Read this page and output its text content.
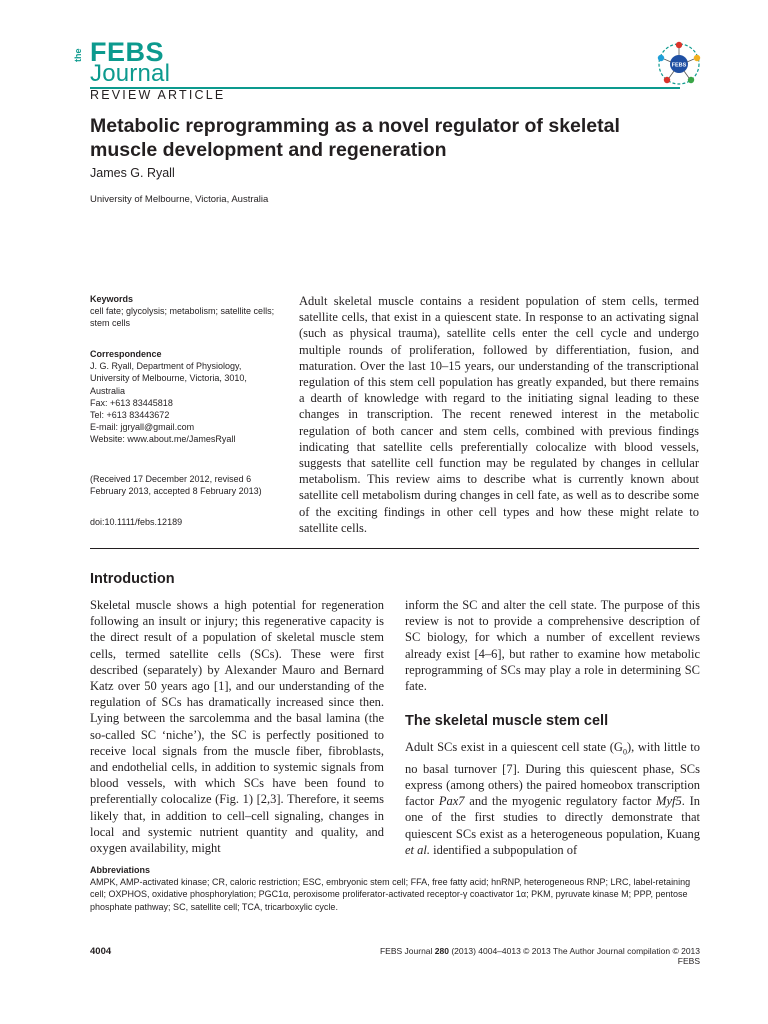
the FEBS
Journal	FEBS
REVIEW ARTICLE
Metabolic reprogramming as a novel regulator of skeletal muscle development and regeneration
James G. Ryall
University of Melbourne, Victoria, Australia
Keywords
cell fate; glycolysis; metabolism; satellite cells; stem cells
Correspondence
J. G. Ryall, Department of Physiology,
University of Melbourne, Victoria, 3010,
Australia
Fax: +613 83445818
Tel: +613 83443672
E-mail: jgryall@gmail.com
Website: www.about.me/JamesRyall
(Received 17 December 2012, revised 6 February 2013, accepted 8 February 2013)
doi:10.1111/febs.12189
Adult skeletal muscle contains a resident population of stem cells, termed satellite cells, that exist in a quiescent state. In response to an activating signal (such as physical trauma), satellite cells enter the cell cycle and undergo multiple rounds of proliferation, followed by differentiation, fusion, and maturation. Over the last 10–15 years, our understanding of the transcriptional regulation of this stem cell population has greatly expanded, but there remains a dearth of knowledge with regard to the initiating signal leading to these changes in transcription. The recent renewed interest in the metabolic regulation of both cancer and stem cells, combined with previous findings indicating that satellite cells preferentially colocalize with blood vessels, suggests that satellite cell function may be regulated by changes in cellular metabolism. This review aims to describe what is currently known about satellite cell metabolism during changes in cell fate, as well as to describe some of the exciting findings in other cell types and how these might relate to satellite cells.
Introduction
Skeletal muscle shows a high potential for regeneration following an insult or injury; this regenerative capacity is the direct result of a population of skeletal muscle stem cells, termed satellite cells (SCs). These were first described (separately) by Alexander Mauro and Bernard Katz over 50 years ago [1], and our understanding of the regulation of SCs has dramatically increased since then. Lying between the sarcolemma and the basal lamina (the so-called SC ‘niche’), the SC is perfectly positioned to receive local signals from the muscle fiber, fibroblasts, and endothelial cells, in addition to systemic signals from blood vessels, with which SCs have been found to preferentially colocalize (Fig. 1) [2,3]. Therefore, it seems likely that, in addition to cell–cell signaling, changes in local and systemic nutrient quantity and quality, and oxygen availability, might
inform the SC and alter the cell state. The purpose of this review is not to provide a comprehensive description of SC biology, for which a number of excellent reviews already exist [4–6], but rather to examine how metabolic reprogramming of SCs may play a role in determining SC fate.
The skeletal muscle stem cell
Adult SCs exist in a quiescent cell state $(G_0)$, with little to no basal turnover [7]. During this quiescent phase, SCs express (among others) the paired homeobox transcription factor Pax7 and the myogenic regulatory factor Myf5. In one of the first studies to directly demonstrate that quiescent SCs exist as a heterogeneous population, Kuang et al. identified a subpopulation of
Abbreviations
AMPK, AMP-activated kinase; CR, caloric restriction; ESC, embryonic stem cell; FFA, free fatty acid; hnRNP, heterogeneous RNP; LRC, label-retaining cell; OXPHOS, oxidative phosphorylation; PGC1α, peroxisome proliferator-activated receptor-γ coactivator 1α; PKM, pyruvate kinase M; PPP, pentose phosphate pathway; SC, satellite cell; TCA, tricarboxylic cycle.
4004	FEBS Journal 280 (2013) 4004–4013 © 2013 The Author Journal compilation © 2013 FEBS
